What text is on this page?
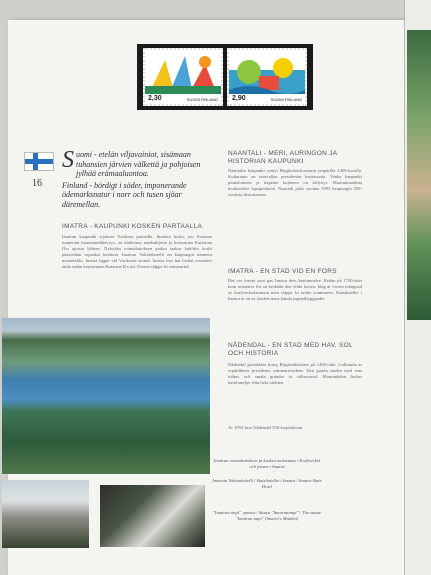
2,30	SUOMI FINLAND 2,90	SUOMI FINLAND
16
S uomi - etelän viljavainiot, sisämaan tuhansien järvien välkettä ja pohjoisen jylhää erämaaluontoa.

Finland - bördigt i söder, imponerande ödemarksnatur i norr och tusen sjöar däremellan.

IMATRA - KAUPUNKI KOSKEN PARTAALLA
Imatran kaupunki sijaitsee Vuoksen partaalla. Imatran koski, tuo Suomen tunnetuin luonnonnähtävyys, on kiehtonut matkailijoita jo keisarinna Katariina II:n ajoista lähtien. Nykyään voimalaitoksen padon taakse kahlittu koski päästetään vapaaksi kesäisin. Imatran Valtionhotelli on kaupungin tunnettu maamerkki. Imatra ligger vid Vuoksens strand. Imatra fors har lockat resenärer ända sedan kejsarinnan Katarina II:s tid. Forsen släpps fri sommartid.
NAANTALI - MERI, AURINGON JA HISTORIAN KAUPUNKI
Naantalin kaupunki syntyi Birgittalaisluostarin ympärille 1400-luvulla. Kultaranta on tasavallan presidentin kesäasunto. Vanha kaupunki puutaloineen ja kapeine kujineen on säilynyt. Muumimaailma houkuttelee lapsiperheitä. Naantali juhli vuonna 1993 kaupungin 550-vuotista historiaansa.
IMATRA - EN STAD VID EN FORS
Det var forsen som gav Imatra dess berömmelse. Redan på 1700-talet kom resenärer för att beskåda den vilda forsen. Idag är forsen inhägnad av kraftverksdammen men släpps fri under sommaren. Statshotellet i Imatra är en av landets mest kända jugendbyggnader.
NÅDENDAL - EN STAD MED HAV, SOL OCH HISTORIA
Nådendal grundades kring Birgittinklostret på 1400-talet. Gullranda är republikens presidents sommarresidens. Den gamla staden med sina trähus och smala gränder är välbevarad. Mumindalen lockar barnfamiljer från hela världen.
År 1993 firar Nådendal 550-årsjubileum.
Imatran voimalaitoksen ja kosken maisemaa / Kraftverket och forsen i Imatra
Imatran Valtionhotelli / Statshotellet i Imatra / Imatra State Hotel
"Imatran impi" -patsas / Statyn "Imatranimpi" / The statue "Imatran impi" (Imatra's Maiden)
